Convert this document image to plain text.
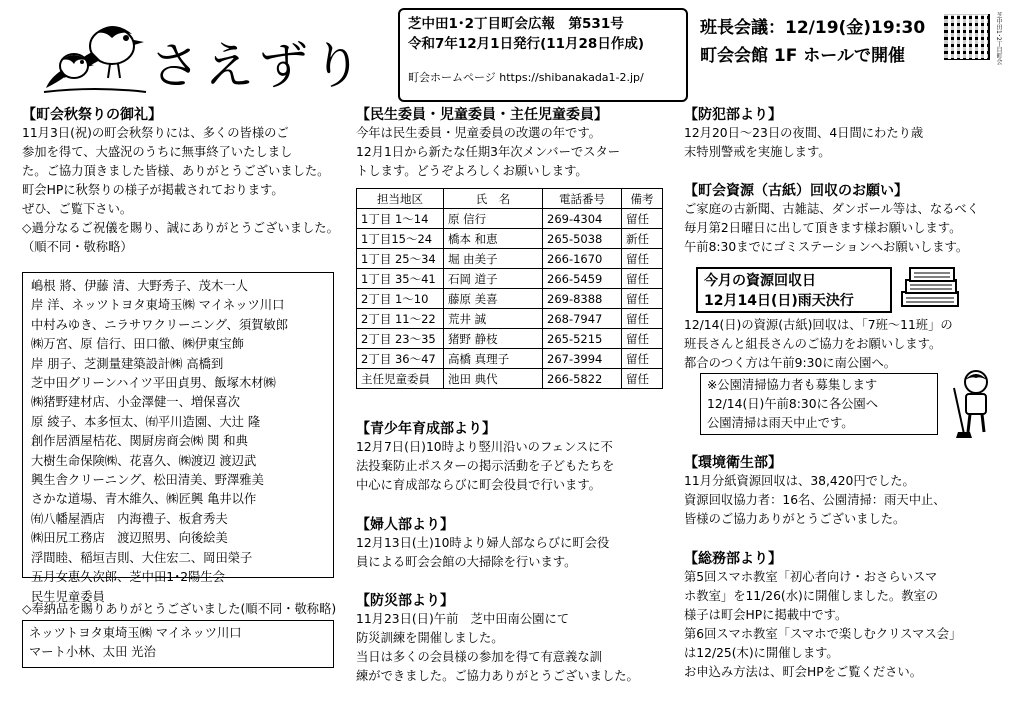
さえずり
芝中田1･2丁目町会広報　第531号
令和7年12月1日発行(11月28日作成)
町会ホームページ https://shibanakada1-2.jp/
班長会議：12/19(金)19:30
町会会館 1F ホールで開催	芝中田1･2丁目町会
【町会秋祭りの御礼】
11月3日(祝)の町会秋祭りには、多くの皆様のご
参加を得て、大盛況のうちに無事終了いたしまし
た。ご協力頂きました皆様、ありがとうございました。
町会HPに秋祭りの様子が掲載されております。
ぜひ、ご覧下さい。
◇過分なるご祝儀を賜り、誠にありがとうございました。
（順不同・敬称略）
嶋根 將、伊藤 清、大野秀子、茂木一人
岸 洋、ネッツトヨタ東埼玉㈱ マイネッツ川口
中村みゆき、ニラサワクリーニング、須賀敏郎
㈱万宮、原 信行、田口徹、㈱伊東宝飾
岸 朋子、芝測量建築設計㈱ 高橋到
芝中田グリーンハイツ平田貞男、飯塚木材㈱
㈱猪野建材店、小金澤健一、増保喜次
原 綾子、本多恒太、㈲平川造園、大辻 隆
創作居酒屋桔花、関厨房商会㈱ 関 和典
大樹生命保険㈱、花喜久、㈱渡辺 渡辺武
興生舎クリーニング、松田清美、野澤雅美
さかな道場、青木維久、㈱匠興 亀井以作
㈲八幡屋酒店　内海禮子、板倉秀夫
㈱田尻工務店　渡辺照男、向後絵美
浮間睦、稲垣吉則、大住宏二、岡田榮子
五月女恵久次郎、芝中田1･2陽生会
民生児童委員
◇奉納品を賜りありがとうございました(順不同・敬称略)
ネッツトヨタ東埼玉㈱ マイネッツ川口
マート小林、太田 光治
【民生委員・児童委員・主任児童委員】
今年は民生委員・児童委員の改選の年です。
12月1日から新たな任期3年次メンバーでスター
トします。どうぞよろしくお願いします。
担当地区	氏　名	電話番号	備考
1丁目 1～14	原 信行	269-4304	留任
1丁目15～24	橋本 和恵	265-5038	新任
1丁目 25～34	堀 由美子	266-1670	留任
1丁目 35～41	石岡 道子	266-5459	留任
2丁目 1～10	藤原 美喜	269-8388	留任
2丁目 11～22	荒井 誠	268-7947	留任
2丁目 23～35	猪野 静枝	265-5215	留任
2丁目 36～47	高橋 真理子	267-3994	留任
主任児童委員	池田 典代	266-5822	留任
【青少年育成部より】
12月7日(日)10時より竪川沿いのフェンスに不
法投棄防止ポスターの掲示活動を子どもたちを
中心に育成部ならびに町会役員で行います。
【婦人部より】
12月13日(土)10時より婦人部ならびに町会役
員による町会会館の大掃除を行います。
【防災部より】
11月23日(日)午前　芝中田南公園にて
防災訓練を開催しました。
当日は多くの会員様の参加を得て有意義な訓
練ができました。ご協力ありがとうございました。
【防犯部より】
12月20日～23日の夜間、4日間にわたり歳
末特別警戒を実施します。
【町会資源（古紙）回収のお願い】
ご家庭の古新聞、古雑誌、ダンボール等は、なるべく
毎月第2日曜日に出して頂きます様お願いします。
午前8:30までにゴミステーションへお願いします。
今月の資源回収日
12月14日(日)雨天決行
12/14(日)の資源(古紙)回収は、「7班～11班」の
班長さんと組長さんのご協力をお願いします。
都合のつく方は午前9:30に南公園へ。
※公園清掃協力者も募集します
12/14(日)午前8:30に各公園へ
公園清掃は雨天中止です。
【環境衛生部】
11月分紙資源回収は、38,420円でした。
資源回収協力者：16名、公園清掃：雨天中止、
皆様のご協力ありがとうございました。
【総務部より】
第5回スマホ教室「初心者向け・おさらいスマ
ホ教室」を11/26(水)に開催しました。教室の
様子は町会HPに掲載中です。
第6回スマホ教室「スマホで楽しむクリスマス会」
は12/25(木)に開催します。
お申込み方法は、町会HPをご覧ください。
